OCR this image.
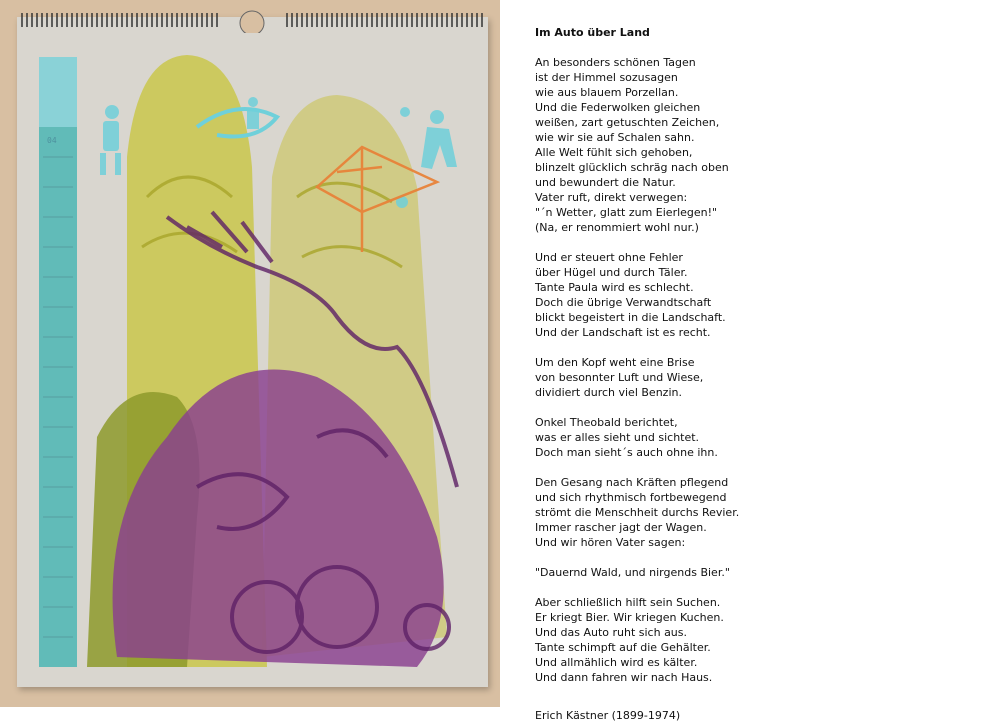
04
Im Auto über Land
An besonders schönen Tagen
ist der Himmel sozusagen
wie aus blauem Porzellan.
Und die Federwolken gleichen
weißen, zart getuschten Zeichen,
wie wir sie auf Schalen sahn.
Alle Welt fühlt sich gehoben,
blinzelt glücklich schräg nach oben
und bewundert die Natur.
Vater ruft, direkt verwegen:
"´n Wetter, glatt zum Eierlegen!"
(Na, er renommiert wohl nur.)
Und er steuert ohne Fehler
über Hügel und durch Täler.
Tante Paula wird es schlecht.
Doch die übrige Verwandtschaft
blickt begeistert in die Landschaft.
Und der Landschaft ist es recht.
Um den Kopf weht eine Brise
von besonnter Luft und Wiese,
dividiert durch viel Benzin.
Onkel Theobald berichtet,
was er alles sieht und sichtet.
Doch man sieht´s auch ohne ihn.
Den Gesang nach Kräften pflegend
und sich rhythmisch fortbewegend
strömt die Menschheit durchs Revier.
Immer rascher jagt der Wagen.
Und wir hören Vater sagen:
"Dauernd Wald, und nirgends Bier."
Aber schließlich hilft sein Suchen.
Er kriegt Bier. Wir kriegen Kuchen.
Und das Auto ruht sich aus.
Tante schimpft auf die Gehälter.
Und allmählich wird es kälter.
Und dann fahren wir nach Haus.
Erich Kästner (1899-1974)
